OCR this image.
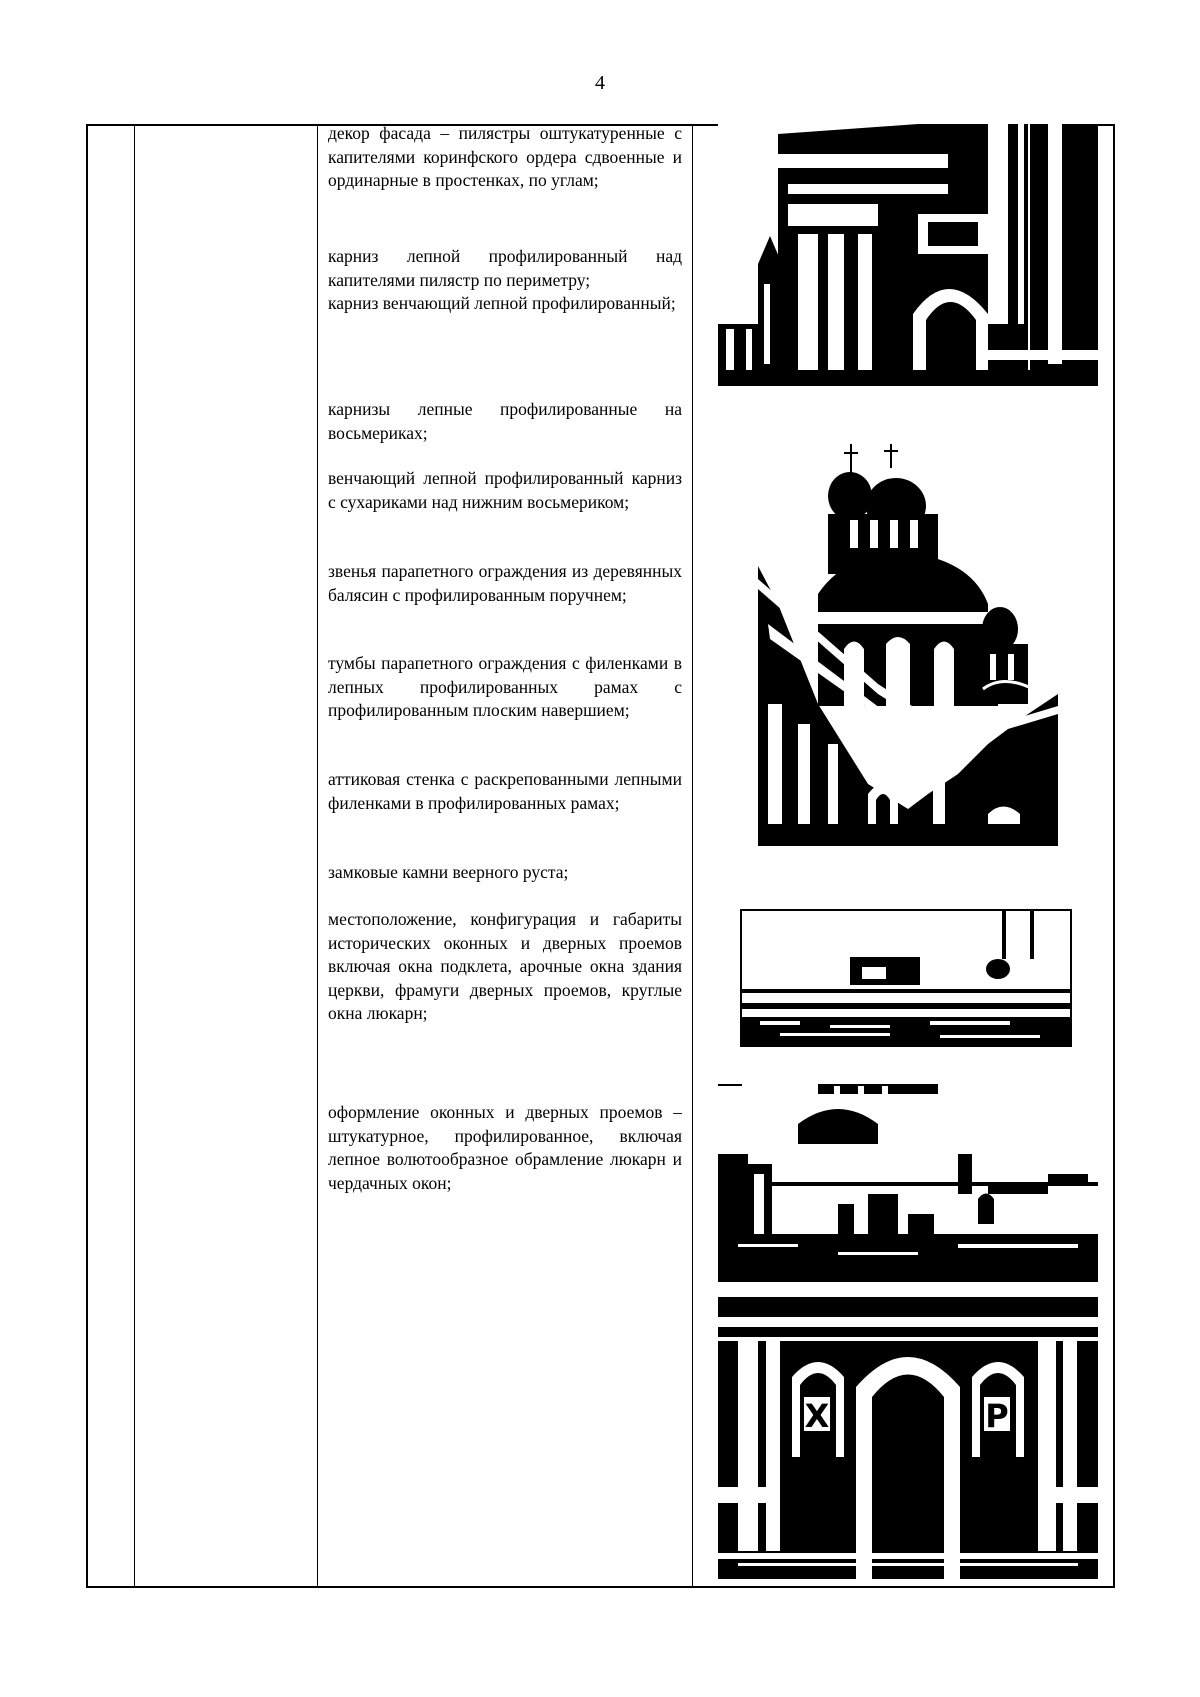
4

декор фасада – пилястры оштукатуренные с капителями коринфского ордера сдвоенные и ординарные в простенках, по углам;

карниз лепной профилированный над капителями пилястр по периметру;

карниз венчающий лепной профилированный;

карнизы лепные профилированные на восьмериках;

венчающий лепной профилированный карниз с сухариками над нижним восьмериком;

звенья парапетного ограждения из деревянных балясин с профилированным поручнем;

тумбы парапетного ограждения с филенками в лепных профилированных рамах с профилированным плоским навершием;

аттиковая стенка с раскрепованными лепными филенками в профилированных рамах;

замковые камни веерного руста;

местоположение, конфигурация и габариты исторических оконных и дверных проемов включая окна подклета, арочные окна здания церкви, фрамуги дверных проемов, круглые окна люкарн;

оформление оконных и дверных проемов – штукатурное, профилированное, включая лепное волютообразное обрамление люкарн и чердачных окон;

Х	Р
